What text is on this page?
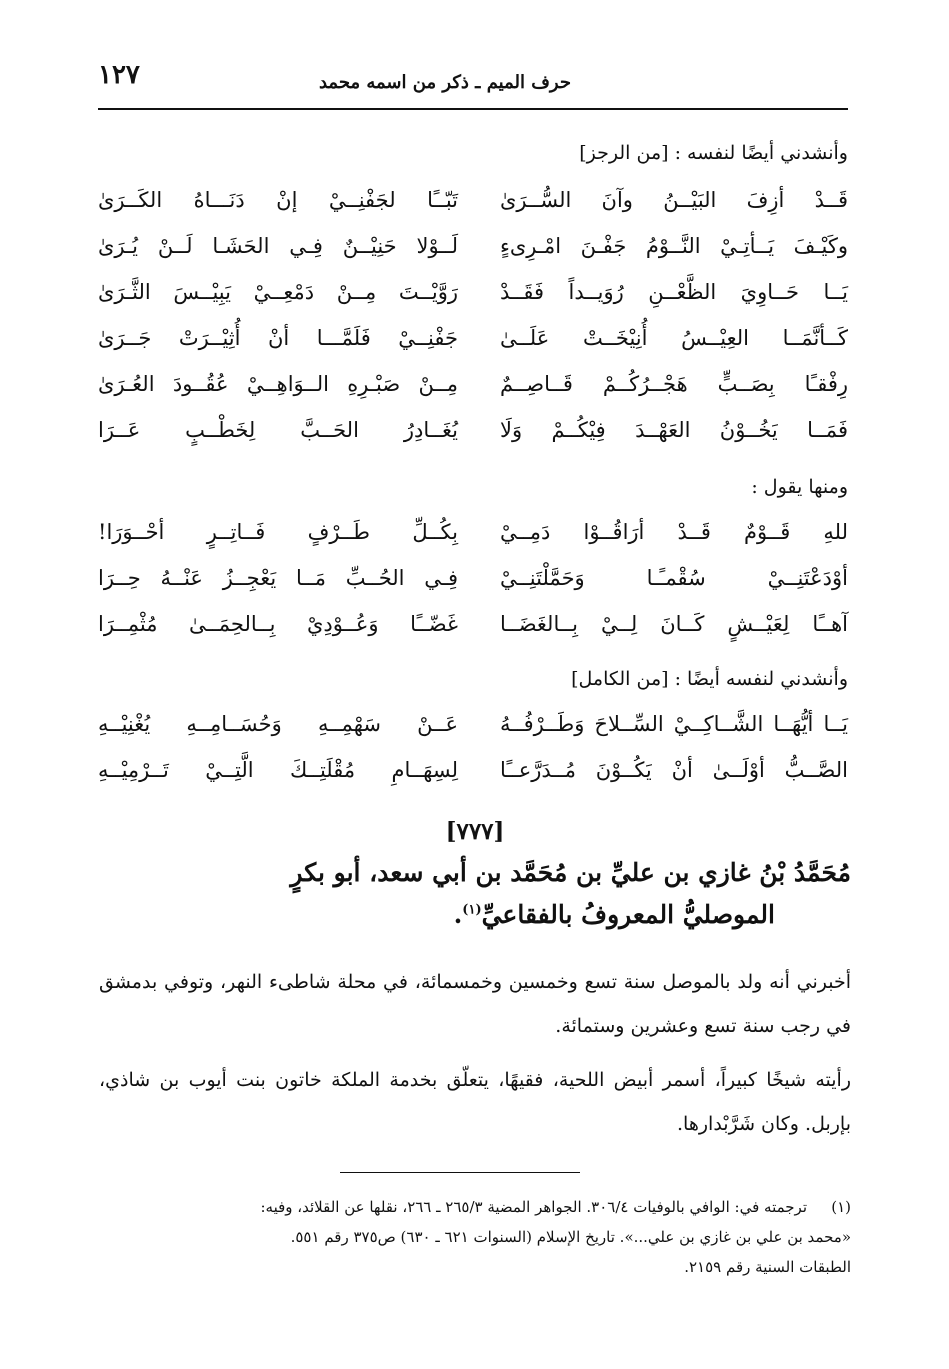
١٢٧	حرف الميم ـ ذكر من اسمه محمد
وأنشدني أيضًا لنفسه : [من الرجز]
قَــدْ أزِفَ البَيْــنُ وآنَ السُّــرَىٰ
تَبّــًا لجَفْنِــيْ إنْ دَنَـــاهُ الكَــرَىٰ
وكَيْـفَ يَــأتِـيْ النَّــوْمُ جَفْـنَ امْـرِىءٍ
لَــوْلا حَنِيْــنٌ فِـي الحَشَـا لَــنْ يُـرَىٰ
يَــا حَــاوِيَ الظَّعْــنِ رُوَيــداً فَقَــدْ
رَوَّيْــتَ مِــنْ دَمْعِــيْ يَبِيْــسَ الثَّـرَىٰ
كَــأنَّمَــا العِيْــسُ أُنِيْخَــتْ عَلَــىٰ
جَفْنِــيْ فَلَمَّـــا أنْ أُثِيْــرَتْ جَــرَىٰ
رِفْقـًا بِصَــبٍّ هَجْــرُكُــمْ قَــاصِــمٌ
مِــنْ صَبْـرِهِ الــوَاهِــيْ عُقُــودَ العُـرَىٰ
فَمَــا يَخُــوْنُ العَهْــدَ فِيْكُــمْ وَلَا
يُغَــادِرُ الحَــبَّ لِخَطْــبٍ عَــرَا
ومنها يقول :
للهِ قَــوْمٌ قَــدْ أرَاقُــوْا دَمِــيْ
بِكُــلِّ طَــرْفٍ فَــاتِــرٍ أحْــوَرَا!
أوْدَعْتَنِــيْ سُقْمـًـا وَحَمَّلْتَنِــيْ
فِـي الحُــبِّ مَــا يَعْجِــزُ عَنْــهُ حِــرَا
آهــًا لِعَيْــشٍ كَــانَ لِــيْ بِــالغَضَــا
غَضّــًا وَعُــوْدِيْ بِــالحِمَــىٰ مُثْمِــرَا
وأنشدني لنفسه أيضًا : [من الكامل]
يَــا أيُّهَــا الشَّــاكِــيْ السِّــلاحَ وَطَــرْفُــهُ
عَــنْ سَهْمِــهِ وَحُسَــامِــهِ يُغْنِيْــهِ
الصَّــبُّ أوْلَــىٰ أنْ يَكُــوْنَ مُــدَرَّعــًا
لِسِهَــامِ مُقْلَتِــكَ الَّتِــيْ تَــرْمِيْــهِ
[٧٧٧]
مُحَمَّدُ بْنُ غازي بن عليِّ بن مُحَمَّد بن أبي سعد، أبو بكرٍ
الموصليُّ المعروفُ بالفقاعيِّ$^{(١)}$.
أخبرني أنه ولد بالموصل سنة تسع وخمسين وخمسمائة، في محلة شاطىء النهر، وتوفي بدمشق في رجب سنة تسع وعشرين وستمائة.
رأيته شيخًا كبيراً، أسمر أبيض اللحية، فقيهًا، يتعلّق بخدمة الملكة خاتون بنت أيوب بن شاذي، بإربل. وكان شَرَّبْدارها.
(١)
ترجمته في: الوافي بالوفيات ٣٠٦/٤. الجواهر المضية ٢٦٥/٣ ـ ٢٦٦، نقلها عن القلائد، وفيه:
«محمد بن علي بن غازي بن علي...». تاريخ الإسلام (السنوات ٦٢١ ـ ٦٣٠) ص٣٧٥ رقم ٥٥١.
الطبقات السنية رقم ٢١٥٩.
